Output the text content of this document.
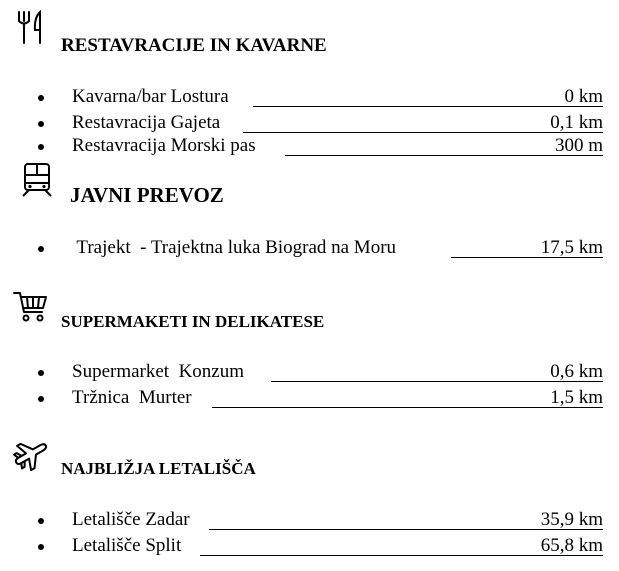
RESTAVRACIJE IN KAVARNE
Kavarna/bar Lostura	0 km
Restavracija Gajeta	0,1 km
Restavracija Morski pas	300 m
JAVNI PREVOZ
Trajekt  - Trajektna luka Biograd na Moru	17,5 km
SUPERMAKETI IN DELIKATESE
Supermarket  Konzum	0,6 km
Tržnica  Murter	1,5 km
NAJBLIŽJA LETALIŠČA
Letališče Zadar	35,9 km
Letališče Split	65,8 km
